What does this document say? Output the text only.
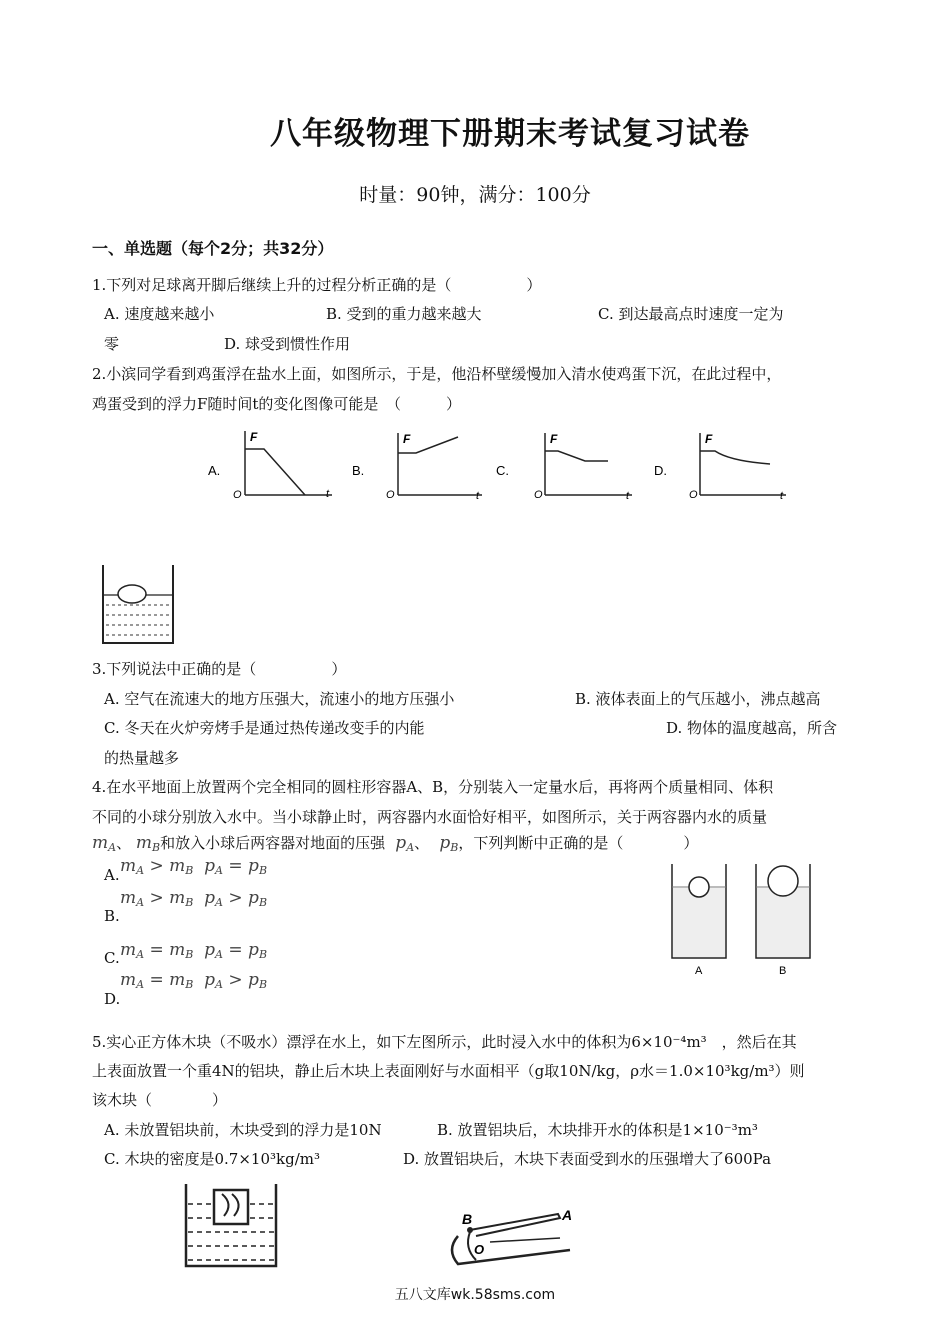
八年级物理下册期末考试复习试卷
时量：90钟，满分：100分
一、单选题（每个2分；共32分）
1.下列对足球离开脚后继续上升的过程分析正确的是（　　　　　）
A. 速度越来越小	B. 受到的重力越来越大	C. 到达最高点时速度一定为
零	D. 球受到惯性作用
2.小滨同学看到鸡蛋浮在盐水上面，如图所示，于是，他沿杯壁缓慢加入清水使鸡蛋下沉，在此过程中，
鸡蛋受到的浮力F随时间t的变化图像可能是　（　　　）
A.
F
t
O
B.
F
t
O
C.
F
t
O
D.
F
t
O
3.下列说法中正确的是（　　　　　）
A. 空气在流速大的地方压强大，流速小的地方压强小	B. 液体表面上的气压越小，沸点越高
C. 冬天在火炉旁烤手是通过热传递改变手的内能	D. 物体的温度越高，所含
的热量越多
4.在水平地面上放置两个完全相同的圆柱形容器A、B，分别装入一定量水后，再将两个质量相同、体积
不同的小球分别放入水中。当小球静止时，两容器内水面恰好相平，如图所示，关于两容器内水的质量
$m_A$、 $m_B$和放入小球后两容器对地面的压强  $p_A$、  $p_B$，下列判断中正确的是（　　　　）
A. $m_A > m_B$  $p_A = p_B$
B.
$m_A > m_B$  $p_A > p_B$
C. $m_A = m_B$  $p_A = p_B$
D.
$m_A = m_B$  $p_A > p_B$
A	B
5.实心正方体木块（不吸水）漂浮在水上，如下左图所示，此时浸入水中的体积为6×10⁻⁴m³　，然后在其
上表面放置一个重4N的铝块，静止后木块上表面刚好与水面相平（g取10N/kg，ρ水＝1.0×10³kg/m³）则
该木块（　　　　）
A. 未放置铝块前，木块受到的浮力是10N	B. 放置铝块后，木块排开水的体积是1×10⁻³m³
C. 木块的密度是0.7×10³kg/m³	D. 放置铝块后，木块下表面受到水的压强增大了600Pa
B	A
O
五八文库wk.58sms.com
